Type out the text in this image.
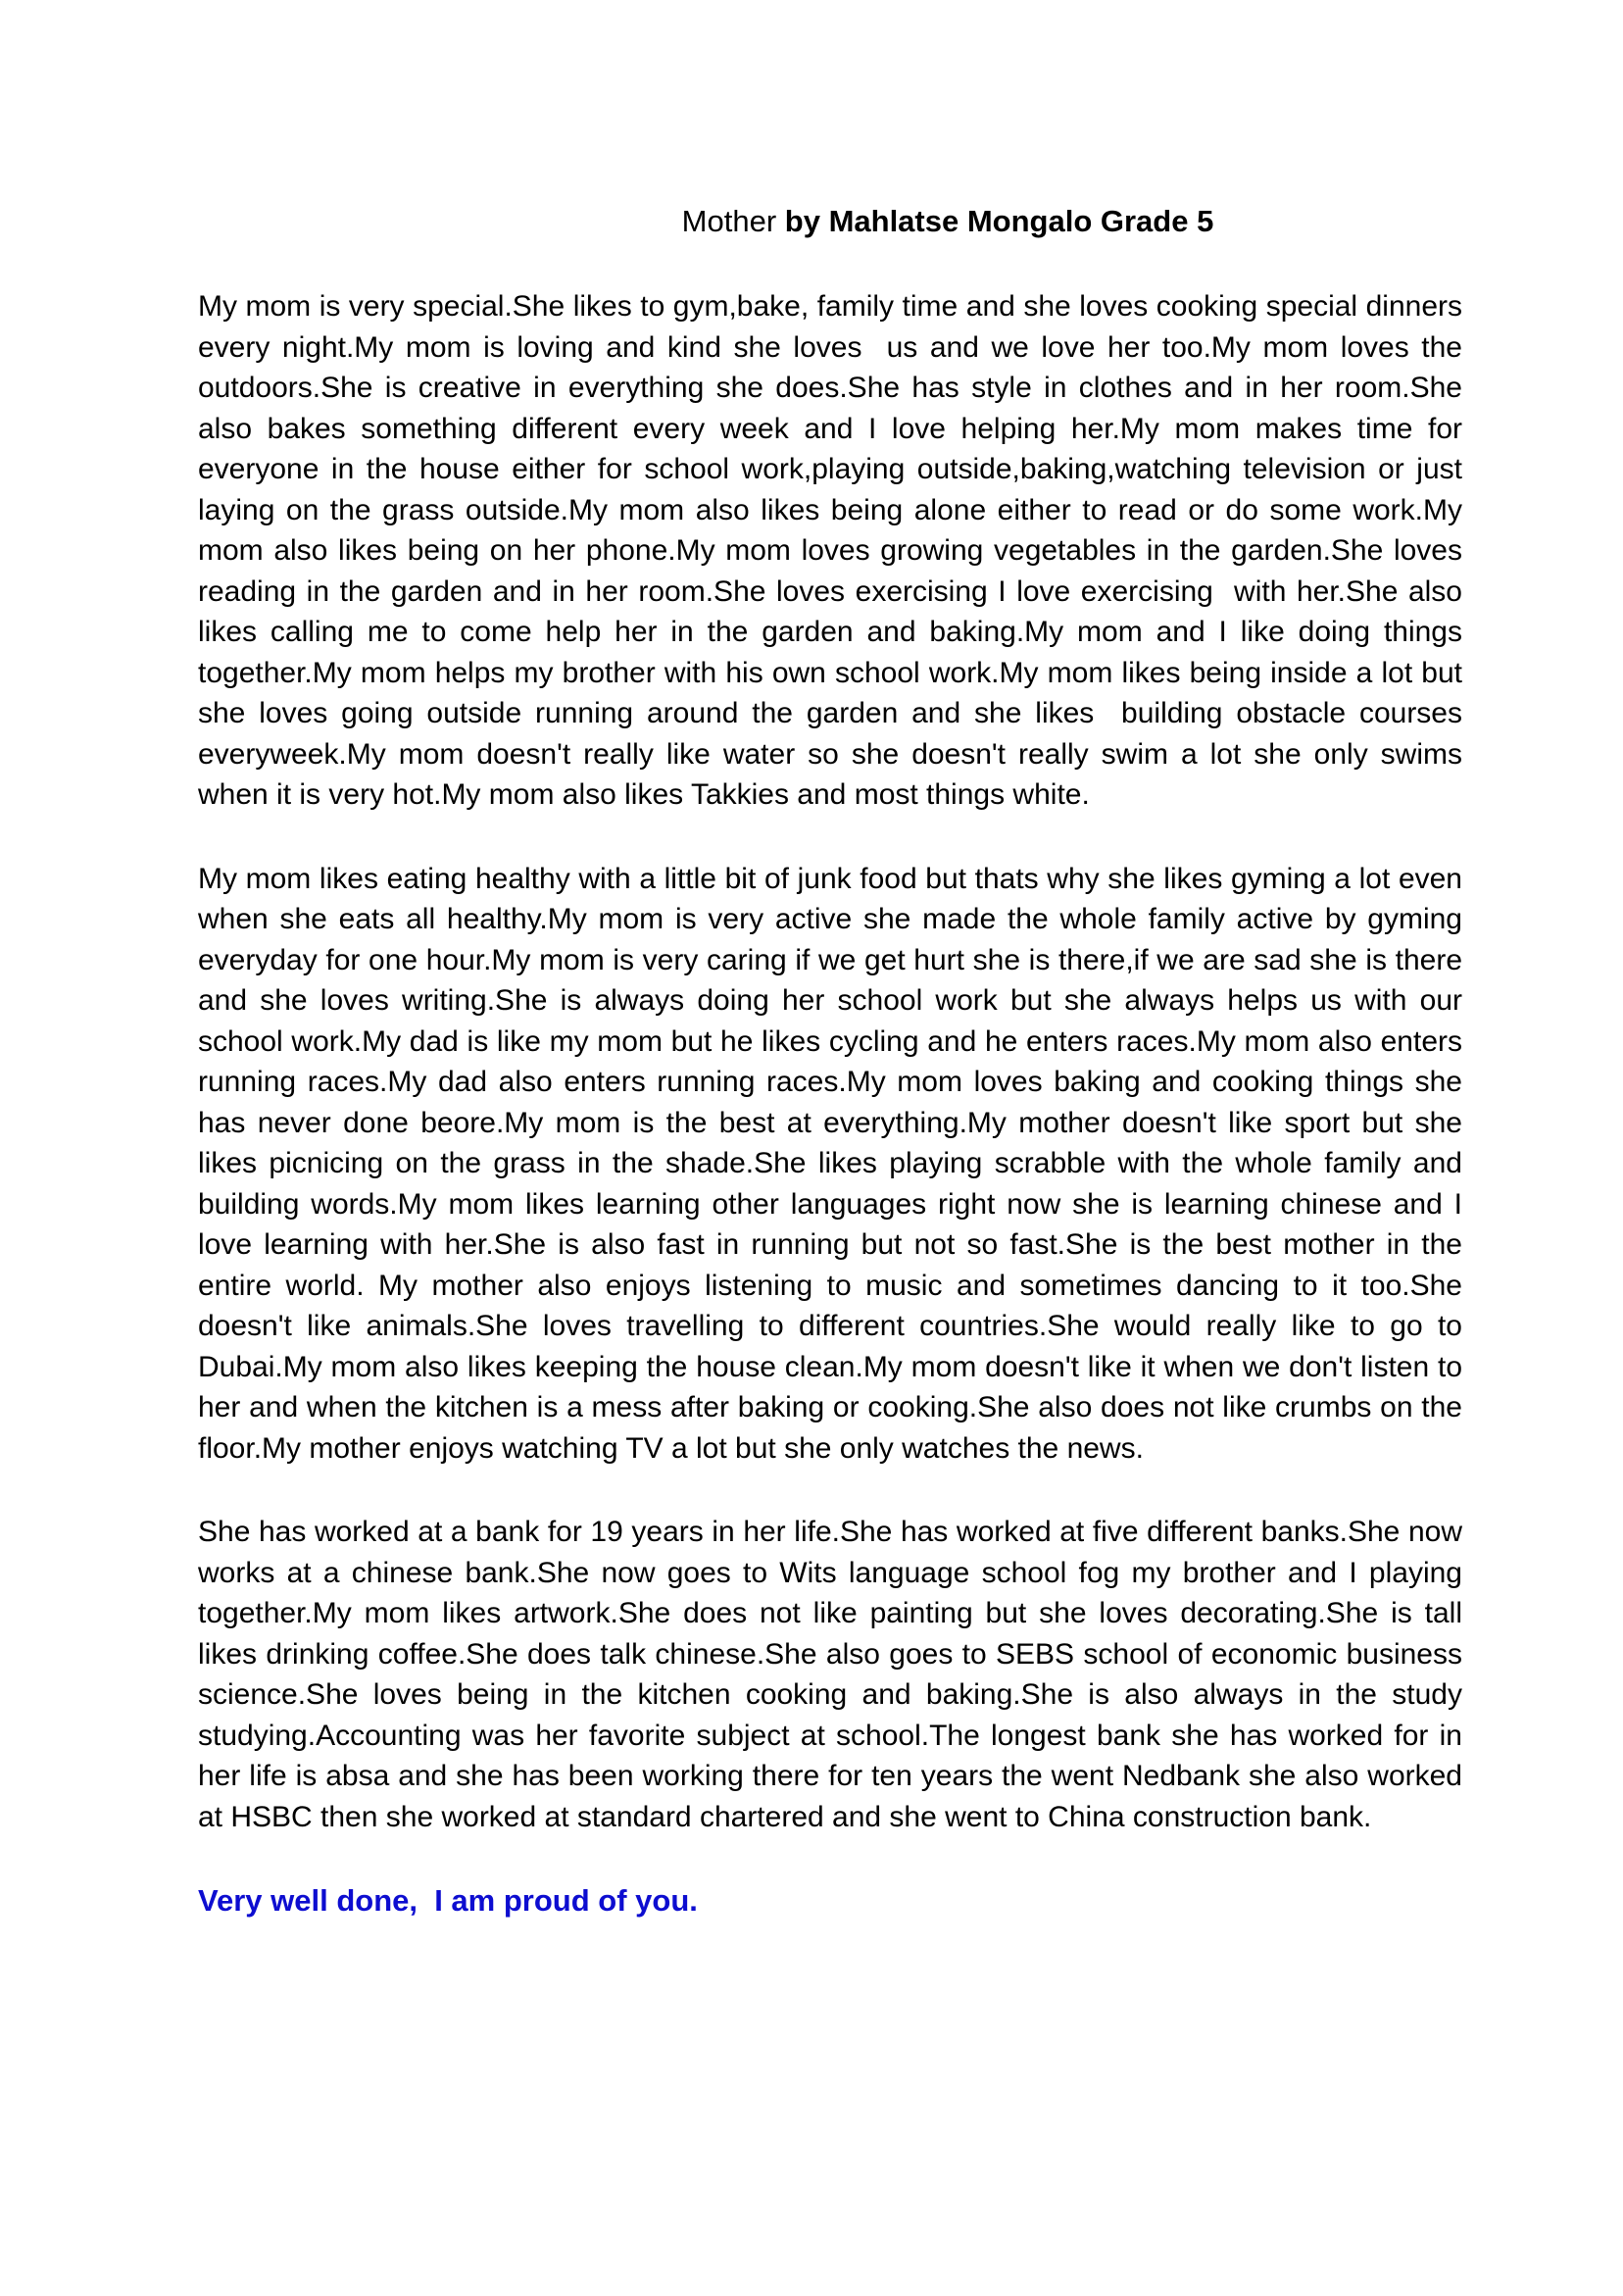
Mother by Mahlatse Mongalo Grade 5

My mom is very special.She likes to gym,bake, family time and she loves cooking special dinners every night.My mom is loving and kind she loves  us and we love her too.My mom loves the outdoors.She is creative in everything she does.She has style in clothes and in her room.She also bakes something different every week and I love helping her.My mom makes time for everyone in the house either for school work,playing outside,baking,watching television or just laying on the grass outside.My mom also likes being alone either to read or do some work.My mom also likes being on her phone.My mom loves growing vegetables in the garden.She loves reading in the garden and in her room.She loves exercising I love exercising  with her.She also likes calling me to come help her in the garden and baking.My mom and I like doing things together.My mom helps my brother with his own school work.My mom likes being inside a lot but she loves going outside running around the garden and she likes  building obstacle courses everyweek.My mom doesn't really like water so she doesn't really swim a lot she only swims when it is very hot.My mom also likes Takkies and most things white.

My mom likes eating healthy with a little bit of junk food but thats why she likes gyming a lot even when she eats all healthy.My mom is very active she made the whole family active by gyming everyday for one hour.My mom is very caring if we get hurt she is there,if we are sad she is there and she loves writing.She is always doing her school work but she always helps us with our school work.My dad is like my mom but he likes cycling and he enters races.My mom also enters running races.My dad also enters running races.My mom loves baking and cooking things she has never done beore.My mom is the best at everything.My mother doesn't like sport but she likes picnicing on the grass in the shade.She likes playing scrabble with the whole family and building words.My mom likes learning other languages right now she is learning chinese and I love learning with her.She is also fast in running but not so fast.She is the best mother in the entire world. My mother also enjoys listening to music and sometimes dancing to it too.She doesn't like animals.She loves travelling to different countries.She would really like to go to Dubai.My mom also likes keeping the house clean.My mom doesn't like it when we don't listen to  her and when the kitchen is a mess after baking or cooking.She also does not like crumbs on the floor.My mother enjoys watching TV a lot but she only watches the news.

She has worked at a bank for 19 years in her life.She has worked at five different banks.She now works at a chinese bank.She now goes to Wits language school fog my brother and I playing together.My mom likes artwork.She does not like painting but she loves decorating.She is tall likes drinking coffee.She does talk chinese.She also goes to SEBS school of economic business science.She loves being in the kitchen cooking and baking.She is also always in the study studying.Accounting was her favorite subject at school.The longest bank she has worked for in her life is absa and she has been working there for ten years the went Nedbank she also worked at HSBC then she worked at standard chartered and she went to China construction bank.

Very well done,  I am proud of you.
